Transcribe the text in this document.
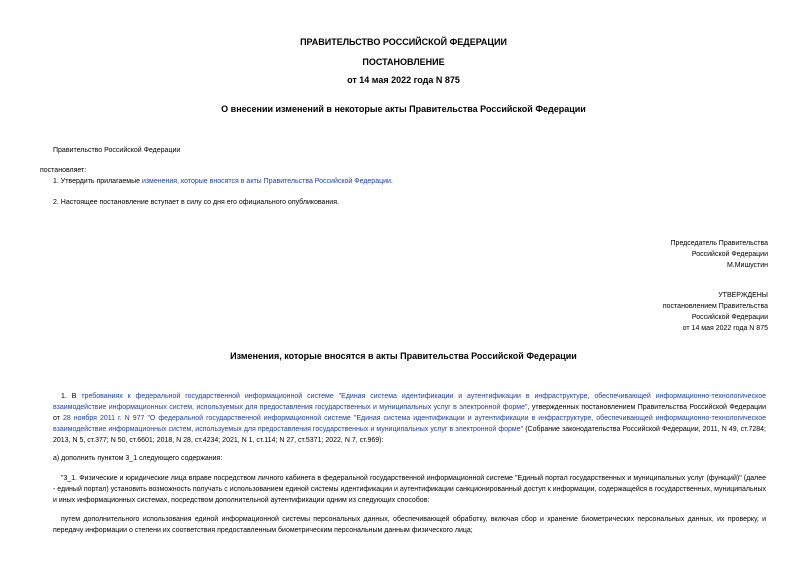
ПРАВИТЕЛЬСТВО РОССИЙСКОЙ ФЕДЕРАЦИИ
ПОСТАНОВЛЕНИЕ
от 14 мая 2022 года N 875
О внесении изменений в некоторые акты Правительства Российской Федерации
Правительство Российской Федерации
постановляет:
1. Утвердить прилагаемые изменения, которые вносятся в акты Правительства Российской Федерации.
2. Настоящее постановление вступает в силу со дня его официального опубликования.
Председатель Правительства
Российской Федерации
М.Мишустин
УТВЕРЖДЕНЫ
постановлением Правительства
Российской Федерации
от 14 мая 2022 года N 875
Изменения, которые вносятся в акты Правительства Российской Федерации
1. В требованиях к федеральной государственной информационной системе "Единая система идентификации и аутентификации в инфраструктуре, обеспечивающей информационно-технологическое взаимодействие информационных систем, используемых для предоставления государственных и муниципальных услуг в электронной форме", утвержденных постановлением Правительства Российской Федерации от 28 ноября 2011 г. N 977 "О федеральной государственной информационной системе "Единая система идентификации и аутентификации в инфраструктуре, обеспечивающей информационно-технологическое взаимодействие информационных систем, используемых для предоставления государственных и муниципальных услуг в электронной форме" (Собрание законодательства Российской Федерации, 2011, N 49, ст.7284; 2013, N 5, ст.377; N 50, ст.6601; 2018, N 28, ст.4234; 2021, N 1, ст.114; N 27, ст.5371; 2022, N 7, ст.969):
а) дополнить пунктом 3_1 следующего содержания:
"3_1. Физические и юридические лица вправе посредством личного кабинета в федеральной государственной информационной системе "Единый портал государственных и муниципальных услуг (функций)" (далее - единый портал) установить возможность получать с использованием единой системы идентификации и аутентификации санкционированный доступ к информации, содержащейся в государственных, муниципальных и иных информационных системах, посредством дополнительной аутентификации одним из следующих способов:
путем дополнительного использования единой информационной системы персональных данных, обеспечивающей обработку, включая сбор и хранение биометрических персональных данных, их проверку, и передачу информации о степени их соответствия предоставленным биометрическим персональным данным физического лица;
